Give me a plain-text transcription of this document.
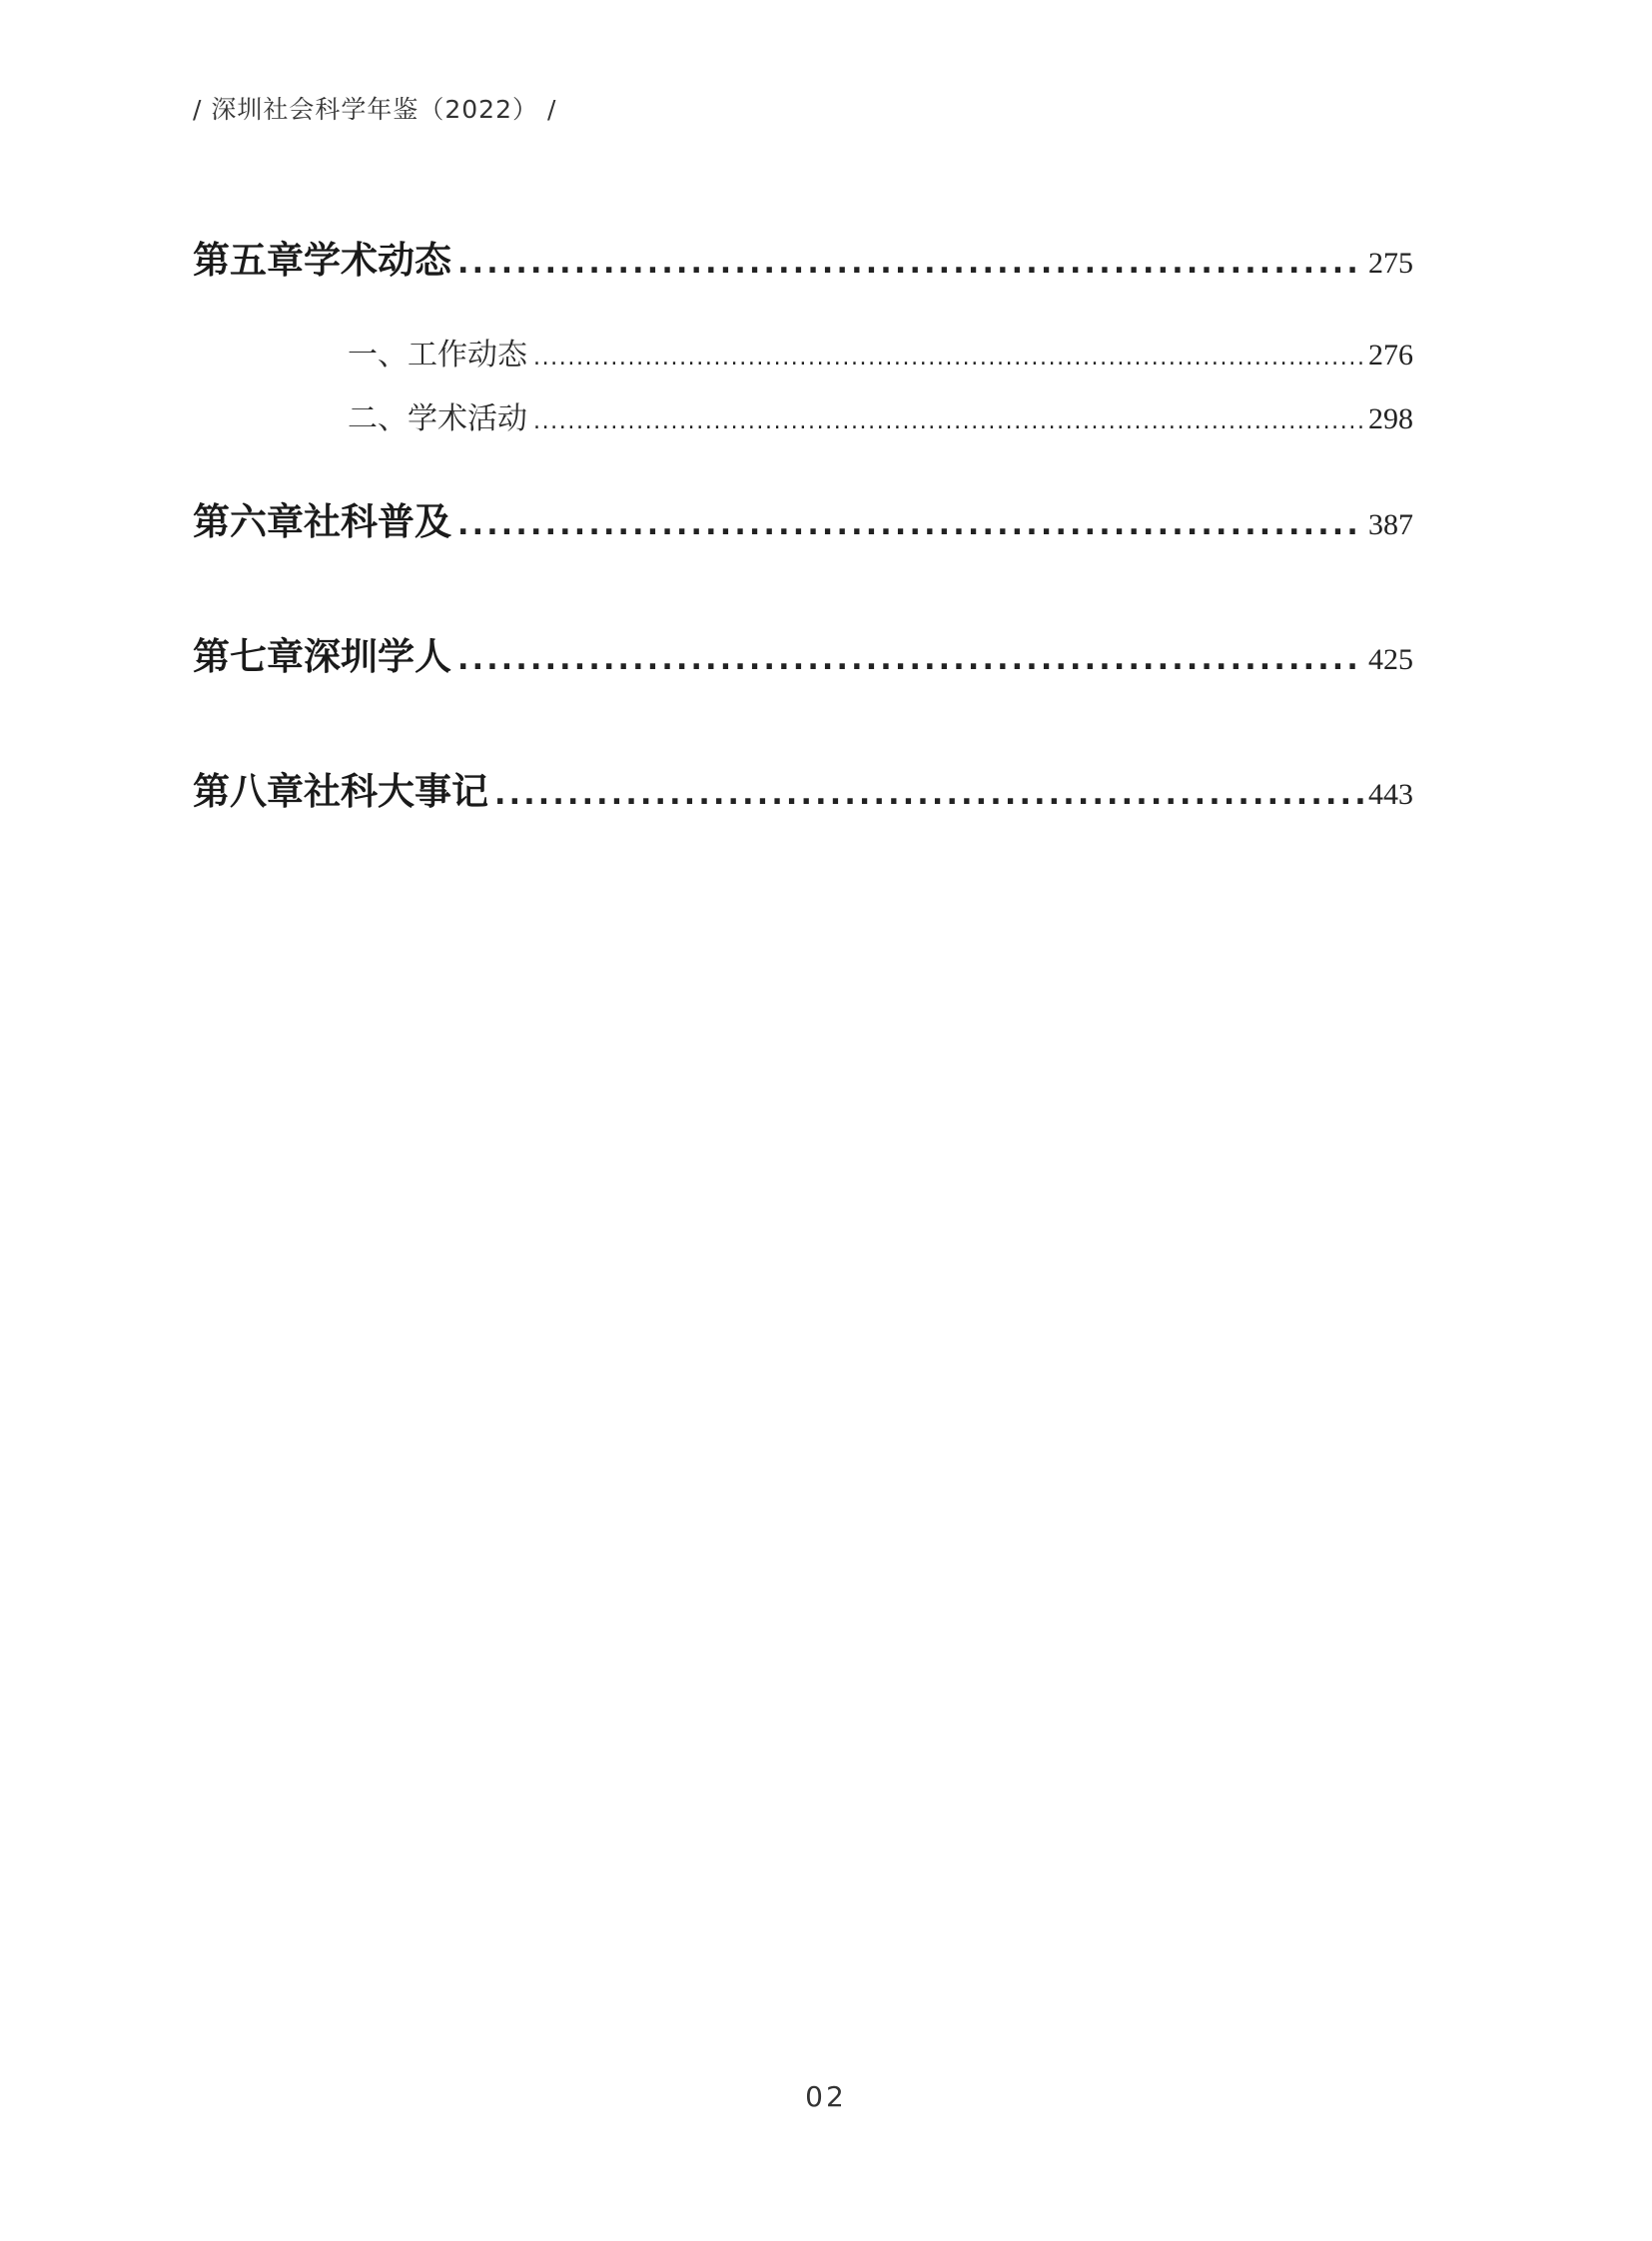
/ 深圳社会科学年鉴（2022） /
第五章 学术动态 .....	275
一、工作动态 .....	276
二、学术活动 .....	298
第六章 社科普及 .....	387
第七章 深圳学人 .....	425
第八章 社科大事记 .....	443
02
